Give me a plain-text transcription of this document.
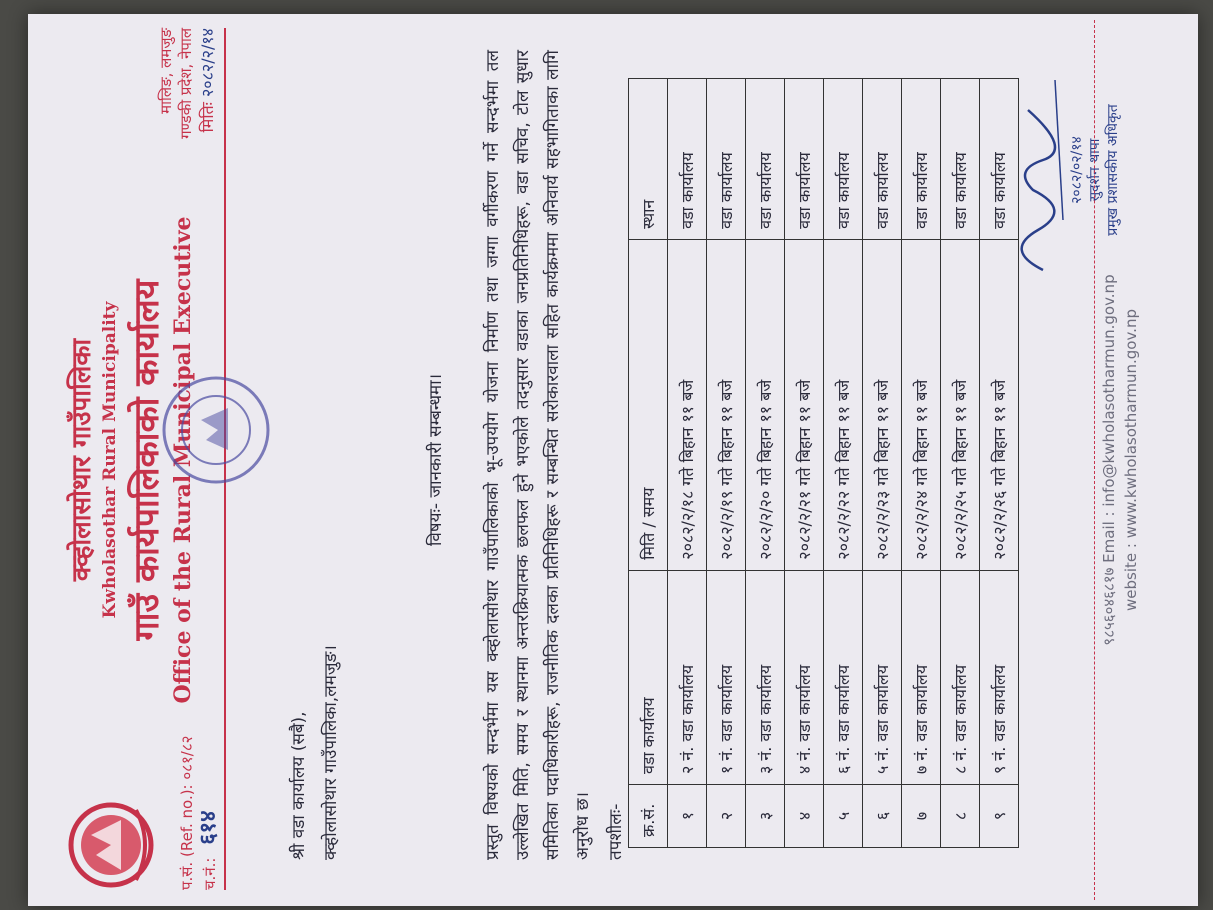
क्व्होलासोथार गाउँपालिका Kwholasothar Rural Municipality गाउँ कार्यपालिकाको कार्यालय Office of the Rural Municipal Executive
मालिङ, लमजुङ गण्डकी प्रदेश, नेपाल
प.सं. (Ref. no.): ०८१/८२ च.नं.: ६१४
मितिः २०८२/२/१४
श्री वडा कार्यालय (सबै), क्व्होलासोथार गाउँपालिका,लमजुङ।
विषयः- जानकारी सम्बन्धमा। प्रस्तुत विषयको सन्दर्भमा यस क्व्होलासोथार गाउँपालिकाको भू-उपयोग योजना निर्माण तथा जग्गा वर्गीकरण गर्ने सन्दर्भमा तल उल्लेखित मिति, समय र स्थानमा अन्तरक्रियात्मक छलफल हुने भएकोले तदनुसार वडाका जनप्रतिनिधिहरू, वडा सचिव, टोल सुधार समितिका पदाधिकारीहरू, राजनीतिक दलका प्रतिनिधिहरू र सम्बन्धित सरोकारवाला सहित कार्यक्रममा अनिवार्य सहभागिताका लागि अनुरोध छ। तपशीलः- क्र.सं.	वडा कार्यालय	मिति / समय	स्थान
१	२ नं. वडा कार्यालय	२०८२/२/१८ गते बिहान ११ बजे	वडा कार्यालय
२	१ नं. वडा कार्यालय	२०८२/२/१९ गते बिहान ११ बजे	वडा कार्यालय
३	३ नं. वडा कार्यालय	२०८२/२/२० गते बिहान ११ बजे	वडा कार्यालय
४	४ नं. वडा कार्यालय	२०८२/२/२१ गते बिहान ११ बजे	वडा कार्यालय
५	६ नं. वडा कार्यालय	२०८२/२/२२ गते बिहान ११ बजे	वडा कार्यालय
६	५ नं. वडा कार्यालय	२०८२/२/२३ गते बिहान ११ बजे	वडा कार्यालय
७	७ नं. वडा कार्यालय	२०८२/२/२४ गते बिहान ११ बजे	वडा कार्यालय
८	८ नं. वडा कार्यालय	२०८२/२/२५ गते बिहान ११ बजे	वडा कार्यालय
९	९ नं. वडा कार्यालय	२०८२/२/२६ गते बिहान ११ बजे	वडा कार्यालय	२०८२/०२/१४ सुदर्शन थापा प्रमुख प्रशासकीय अधिकृत
९८५६०४६८१७ Email : info@kwholasotharmun.gov.np website : www.kwholasotharmun.gov.np
